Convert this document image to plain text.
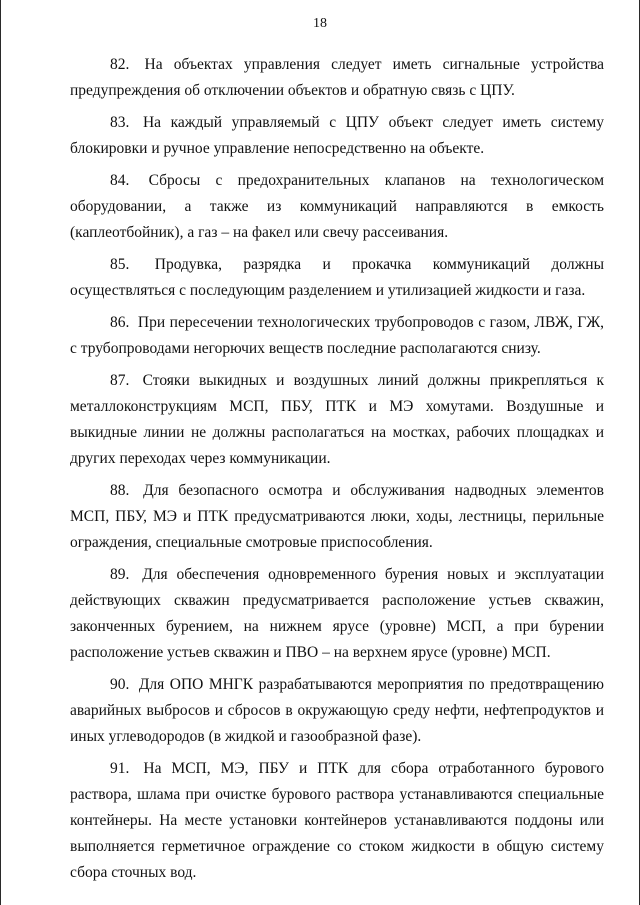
18

82. На объектах управления следует иметь сигнальные устройства предупреждения об отключении объектов и обратную связь с ЦПУ.

83. На каждый управляемый с ЦПУ объект следует иметь систему блокировки и ручное управление непосредственно на объекте.

84. Сбросы с предохранительных клапанов на технологическом оборудовании, а также из коммуникаций направляются в емкость (каплеотбойник), а газ – на факел или свечу рассеивания.

85. Продувка, разрядка и прокачка коммуникаций должны осуществляться с последующим разделением и утилизацией жидкости и газа.

86. При пересечении технологических трубопроводов с газом, ЛВЖ, ГЖ, с трубопроводами негорючих веществ последние располагаются снизу.

87. Стояки выкидных и воздушных линий должны прикрепляться к металлоконструкциям МСП, ПБУ, ПТК и МЭ хомутами. Воздушные и выкидные линии не должны располагаться на мостках, рабочих площадках и других переходах через коммуникации.

88. Для безопасного осмотра и обслуживания надводных элементов МСП, ПБУ, МЭ и ПТК предусматриваются люки, ходы, лестницы, перильные ограждения, специальные смотровые приспособления.

89. Для обеспечения одновременного бурения новых и эксплуатации действующих скважин предусматривается расположение устьев скважин, законченных бурением, на нижнем ярусе (уровне) МСП, а при бурении расположение устьев скважин и ПВО – на верхнем ярусе (уровне) МСП.

90. Для ОПО МНГК разрабатываются мероприятия по предотвращению аварийных выбросов и сбросов в окружающую среду нефти, нефтепродуктов и иных углеводородов (в жидкой и газообразной фазе).

91. На МСП, МЭ, ПБУ и ПТК для сбора отработанного бурового раствора, шлама при очистке бурового раствора устанавливаются специальные контейнеры. На месте установки контейнеров устанавливаются поддоны или выполняется герметичное ограждение со стоком жидкости в общую систему сбора сточных вод.
